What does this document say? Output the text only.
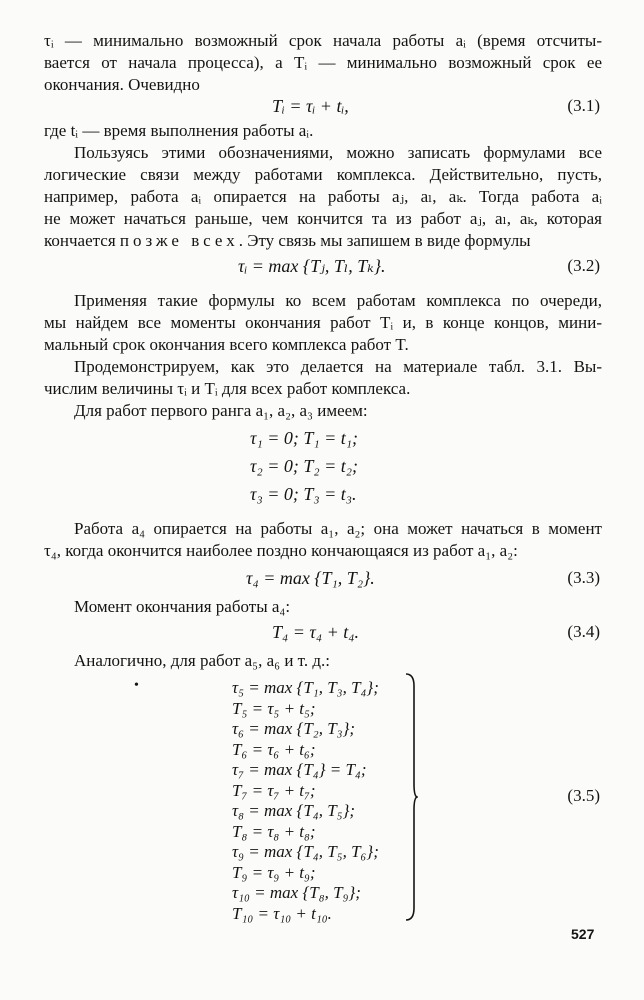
τᵢ — минимально возможный срок начала работы aᵢ (время отсчиты-
вается от начала процесса), а Tᵢ — минимально возможный срок ее
окончания. Очевидно
Tᵢ = τᵢ + tᵢ,	(3.1)
где tᵢ — время выполнения работы aᵢ.
Пользуясь этими обозначениями, можно записать формулами все
логические связи между работами комплекса. Действительно, пусть,
например, работа aᵢ опирается на работы aⱼ, aₗ, aₖ. Тогда работа aᵢ
не может начаться раньше, чем кончится та из работ aⱼ, aₗ, aₖ, которая
кончается позже всех. Эту связь мы запишем в виде формулы
τᵢ = max {Tⱼ, Tₗ, Tₖ}.	(3.2)
Применяя такие формулы ко всем работам комплекса по очереди,
мы найдем все моменты окончания работ Tᵢ и, в конце концов, мини-
мальный срок окончания всего комплекса работ T.
Продемонстрируем, как это делается на материале табл. 3.1. Вы-
числим величины τᵢ и Tᵢ для всех работ комплекса.
Для работ первого ранга a₁, a₂, a₃ имеем:
τ₁ = 0; T₁ = t₁;
τ₂ = 0; T₂ = t₂;
τ₃ = 0; T₃ = t₃.
Работа a₄ опирается на работы a₁, a₂; она может начаться в момент
τ₄, когда окончится наиболее поздно кончающаяся из работ a₁, a₂:
τ₄ = max {T₁, T₂}.	(3.3)
Момент окончания работы a₄:
T₄ = τ₄ + t₄.	(3.4)
Аналогично, для работ a₅, a₆ и т. д.:
•	τ₅ = max {T₁, T₃, T₄};
T₅ = τ₅ + t₅;
τ₆ = max {T₂, T₃};
T₆ = τ₆ + t₆;
τ₇ = max {T₄} = T₄;
T₇ = τ₇ + t₇;
τ₈ = max {T₄, T₅};
T₈ = τ₈ + t₈;
τ₉ = max {T₄, T₅, T₆};
T₉ = τ₉ + t₉;
τ₁₀ = max {T₈, T₉};
T₁₀ = τ₁₀ + t₁₀.
(3.5)
527
